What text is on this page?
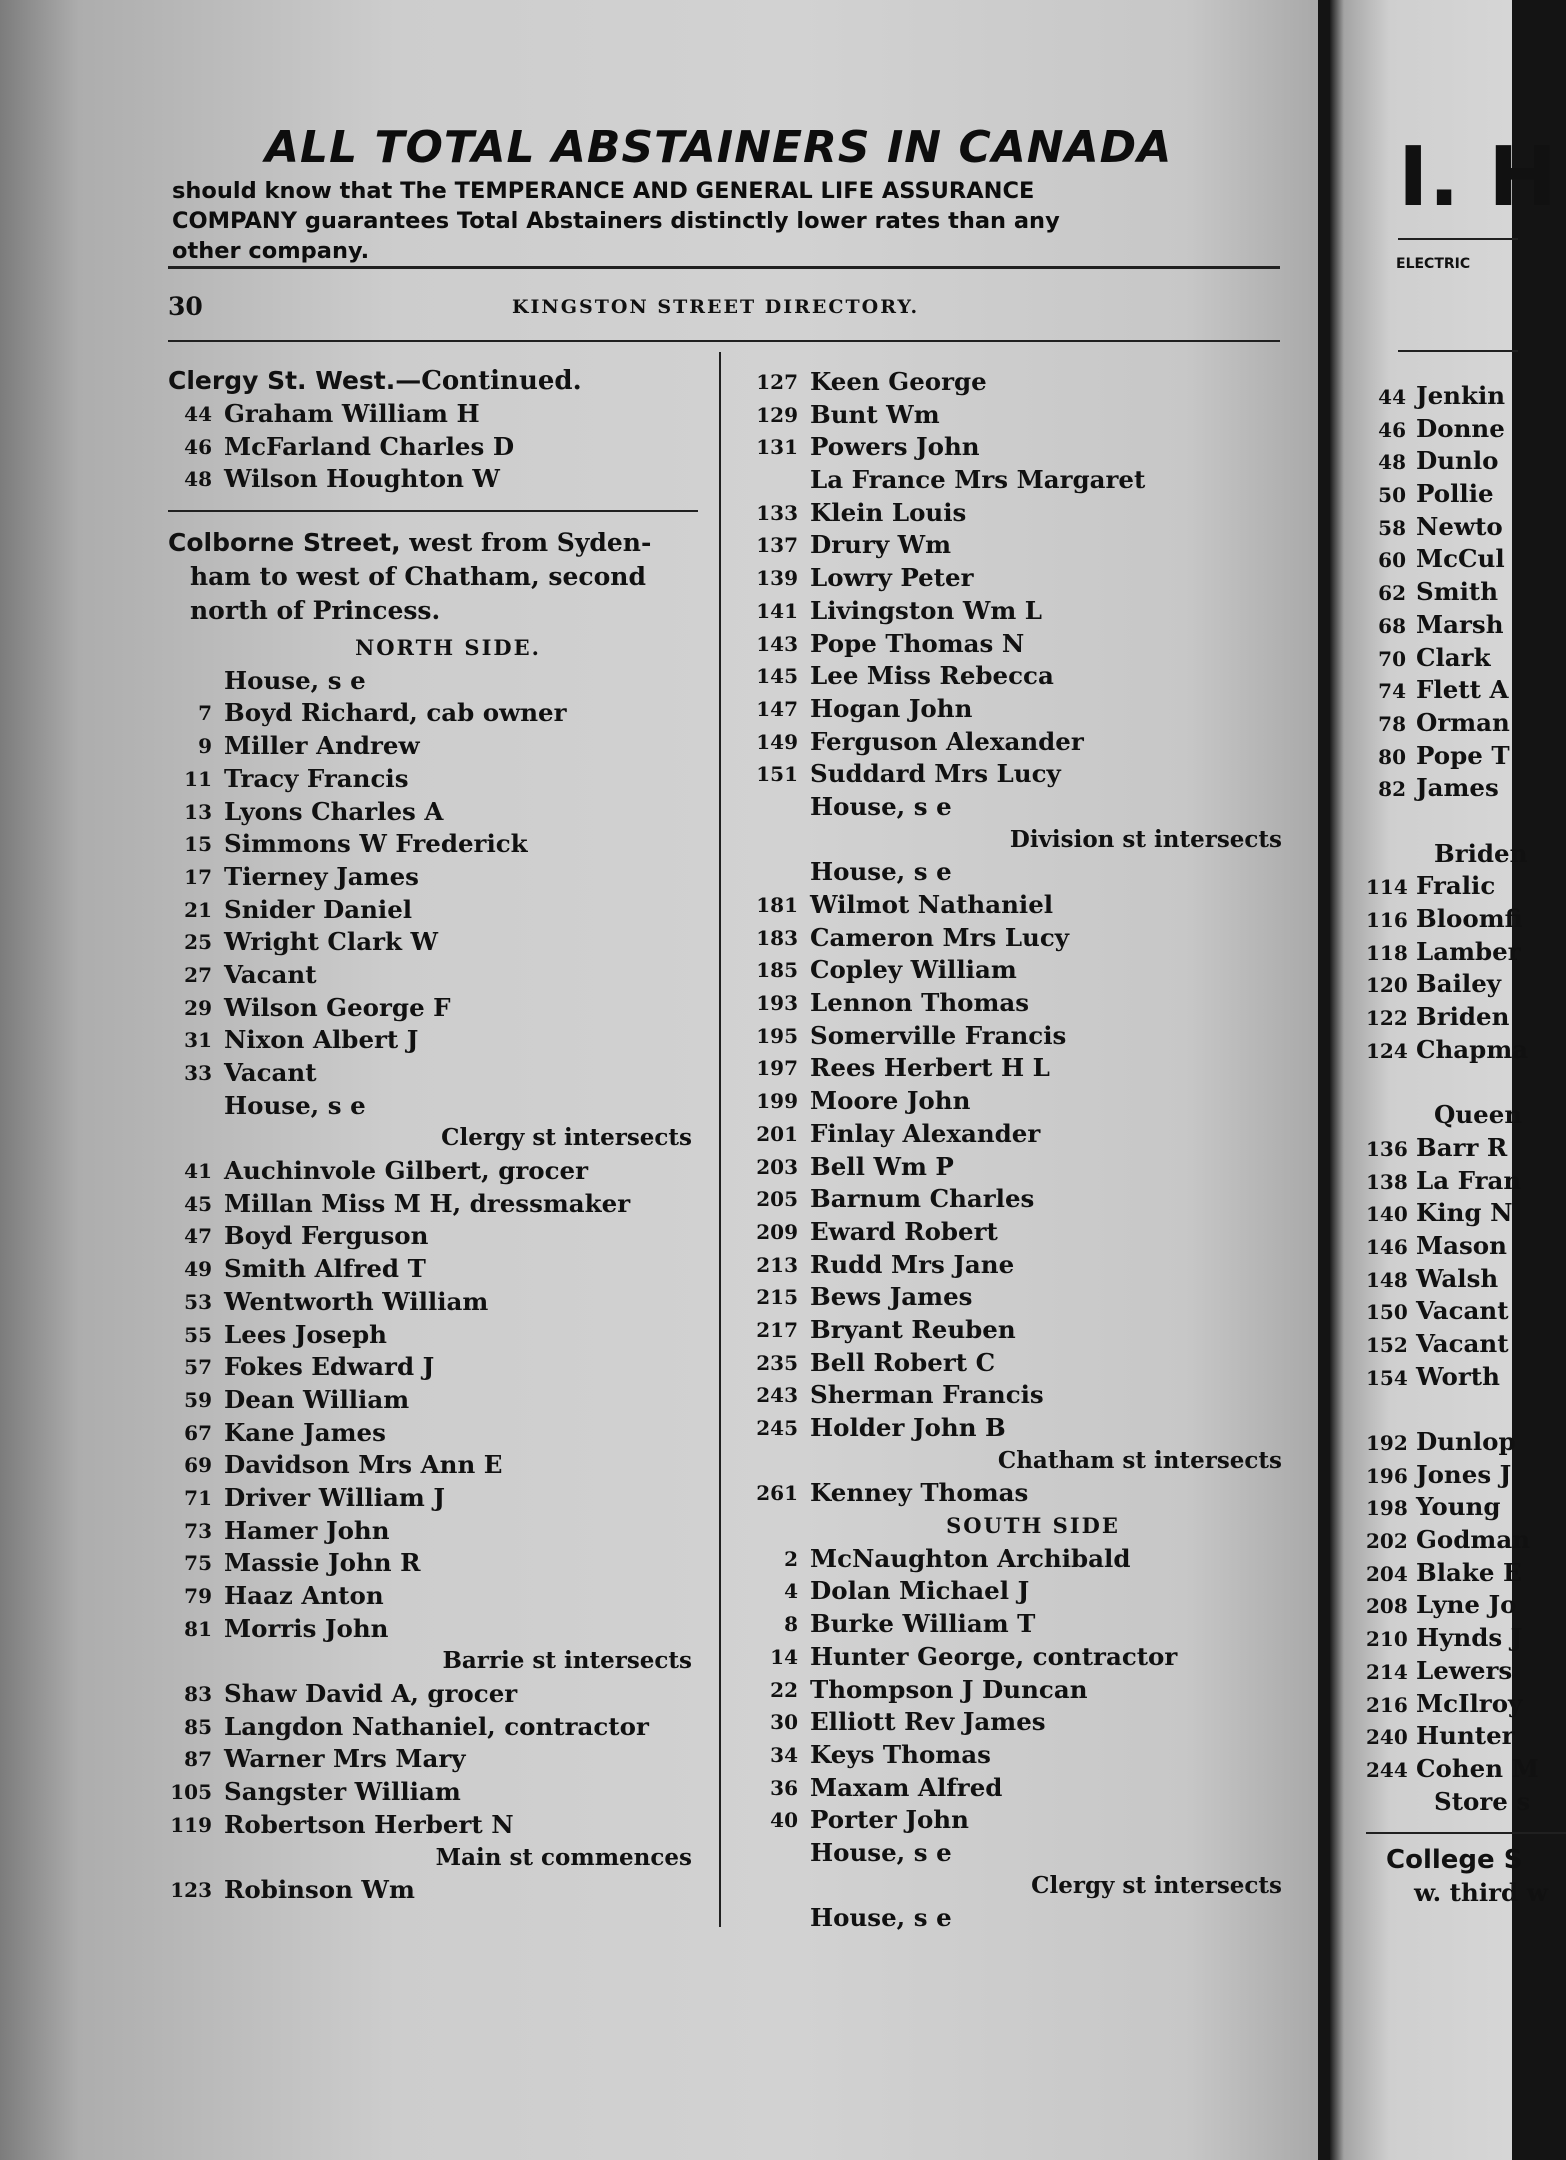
ALL TOTAL ABSTAINERS IN CANADA
should know that The TEMPERANCE AND GENERAL LIFE ASSURANCE
COMPANY guarantees Total Abstainers distinctly lower rates than any
other company.
30	KINGSTON STREET DIRECTORY.
Clergy St. West.—Continued.
44 Graham William H
46 McFarland Charles D
48 Wilson Houghton W
Colborne Street, west from Syden-
ham to west of Chatham, second
north of Princess.
NORTH SIDE.
House, s e
7 Boyd Richard, cab owner
9 Miller Andrew
11 Tracy Francis
13 Lyons Charles A
15 Simmons W Frederick
17 Tierney James
21 Snider Daniel
25 Wright Clark W
27 Vacant
29 Wilson George F
31 Nixon Albert J
33 Vacant
House, s e
Clergy st intersects
41 Auchinvole Gilbert, grocer
45 Millan Miss M H, dressmaker
47 Boyd Ferguson
49 Smith Alfred T
53 Wentworth William
55 Lees Joseph
57 Fokes Edward J
59 Dean William
67 Kane James
69 Davidson Mrs Ann E
71 Driver William J
73 Hamer John
75 Massie John R
79 Haaz Anton
81 Morris John
Barrie st intersects
83 Shaw David A, grocer
85 Langdon Nathaniel, contractor
87 Warner Mrs Mary
105 Sangster William
119 Robertson Herbert N
Main st commences
123 Robinson Wm
127 Keen George
129 Bunt Wm
131 Powers John
La France Mrs Margaret
133 Klein Louis
137 Drury Wm
139 Lowry Peter
141 Livingston Wm L
143 Pope Thomas N
145 Lee Miss Rebecca
147 Hogan John
149 Ferguson Alexander
151 Suddard Mrs Lucy
House, s e
Division st intersects
House, s e
181 Wilmot Nathaniel
183 Cameron Mrs Lucy
185 Copley William
193 Lennon Thomas
195 Somerville Francis
197 Rees Herbert H L
199 Moore John
201 Finlay Alexander
203 Bell Wm P
205 Barnum Charles
209 Eward Robert
213 Rudd Mrs Jane
215 Bews James
217 Bryant Reuben
235 Bell Robert C
243 Sherman Francis
245 Holder John B
Chatham st intersects
261 Kenney Thomas
SOUTH SIDE
2 McNaughton Archibald
4 Dolan Michael J
8 Burke William T
14 Hunter George, contractor
22 Thompson J Duncan
30 Elliott Rev James
34 Keys Thomas
36 Maxam Alfred
40 Porter John
House, s e
Clergy st intersects
House, s e
I. H
ELECTRIC
44 Jenkin
46 Donne
48 Dunlo
50 Pollie
58 Newto
60 McCul
62 Smith
68 Marsh
70 Clark
74 Flett A
78 Orman
80 Pope T
82 James
Briden
114 Fralic
116 Bloomfi
118 Lamber
120 Bailey
122 Briden
124 Chapma
Queen
136 Barr R
138 La Fran
140 King N
146 Mason
148 Walsh
150 Vacant
152 Vacant
154 Worth
192 Dunlop
196 Jones J
198 Young
202 Godman
204 Blake E
208 Lyne Jo
210 Hynds J
214 Lewers
216 McIlroy
240 Hunter
244 Cohen M
Store s
College S
w. third w
